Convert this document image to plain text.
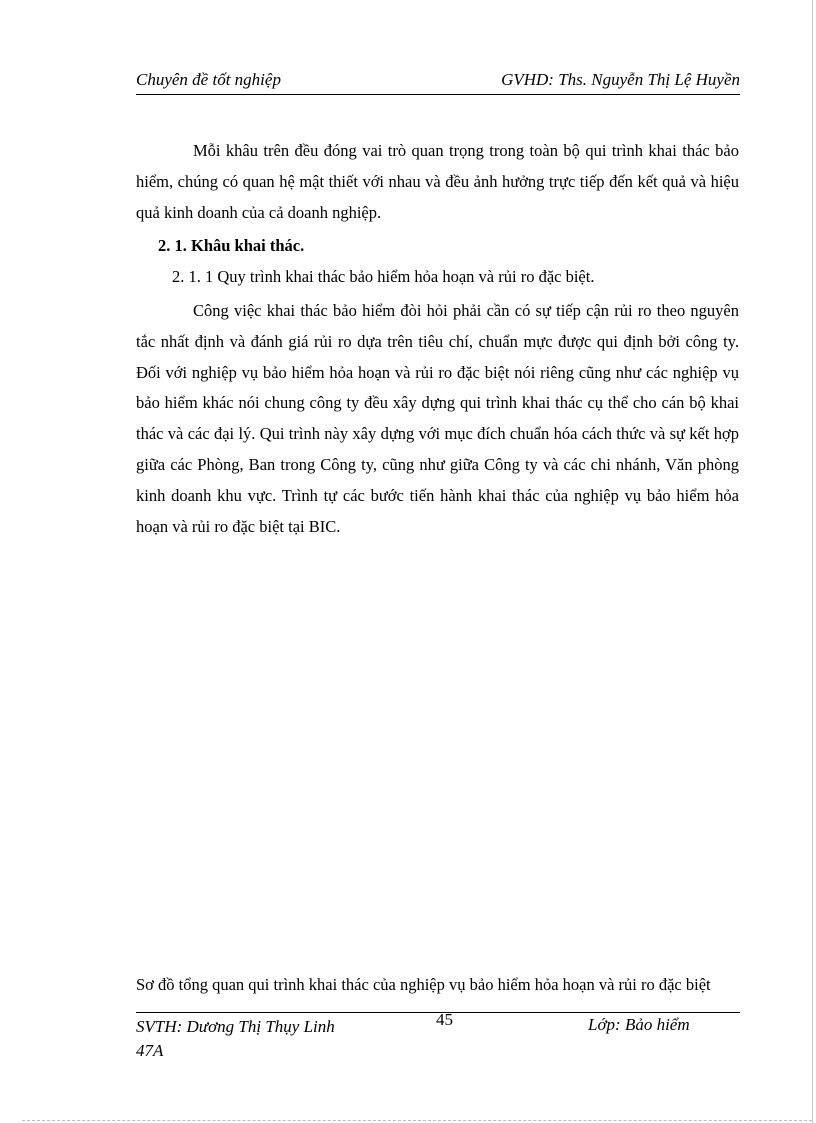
Chuyên đề tốt nghiệp	GVHD: Ths. Nguyễn Thị Lệ Huyền

Mỗi khâu trên đều đóng vai trò quan trọng trong toàn bộ qui trình khai thác bảo hiểm, chúng có quan hệ mật thiết với nhau và đều ảnh hưởng trực tiếp đến kết quả và hiệu quả kinh doanh của cả doanh nghiệp.

2. 1. Khâu khai thác.
2. 1. 1 Quy trình khai thác bảo hiểm hỏa hoạn và rủi ro đặc biệt.

Công việc khai thác bảo hiểm đòi hỏi phải cần có sự tiếp cận rủi ro theo nguyên tắc nhất định và đánh giá rủi ro dựa trên tiêu chí, chuẩn mực được qui định bởi công ty. Đối với nghiệp vụ bảo hiểm hỏa hoạn và rủi ro đặc biệt nói riêng cũng như các nghiệp vụ bảo hiểm khác nói chung công ty đều xây dựng qui trình khai thác cụ thể cho cán bộ khai thác và các đại lý. Qui trình này xây dựng với mục đích chuẩn hóa cách thức và sự kết hợp giữa các Phòng, Ban trong Công ty, cũng như giữa Công ty và các chi nhánh, Văn phòng kinh doanh khu vực. Trình tự các bước tiến hành khai thác của nghiệp vụ bảo hiểm hỏa hoạn và rủi ro đặc biệt tại BIC.

Sơ đồ tổng quan qui trình khai thác của nghiệp vụ bảo hiểm hỏa hoạn và rủi ro đặc biệt
SVTH: Dương Thị Thụy Linh
47A
45	Lớp: Bảo hiểm
